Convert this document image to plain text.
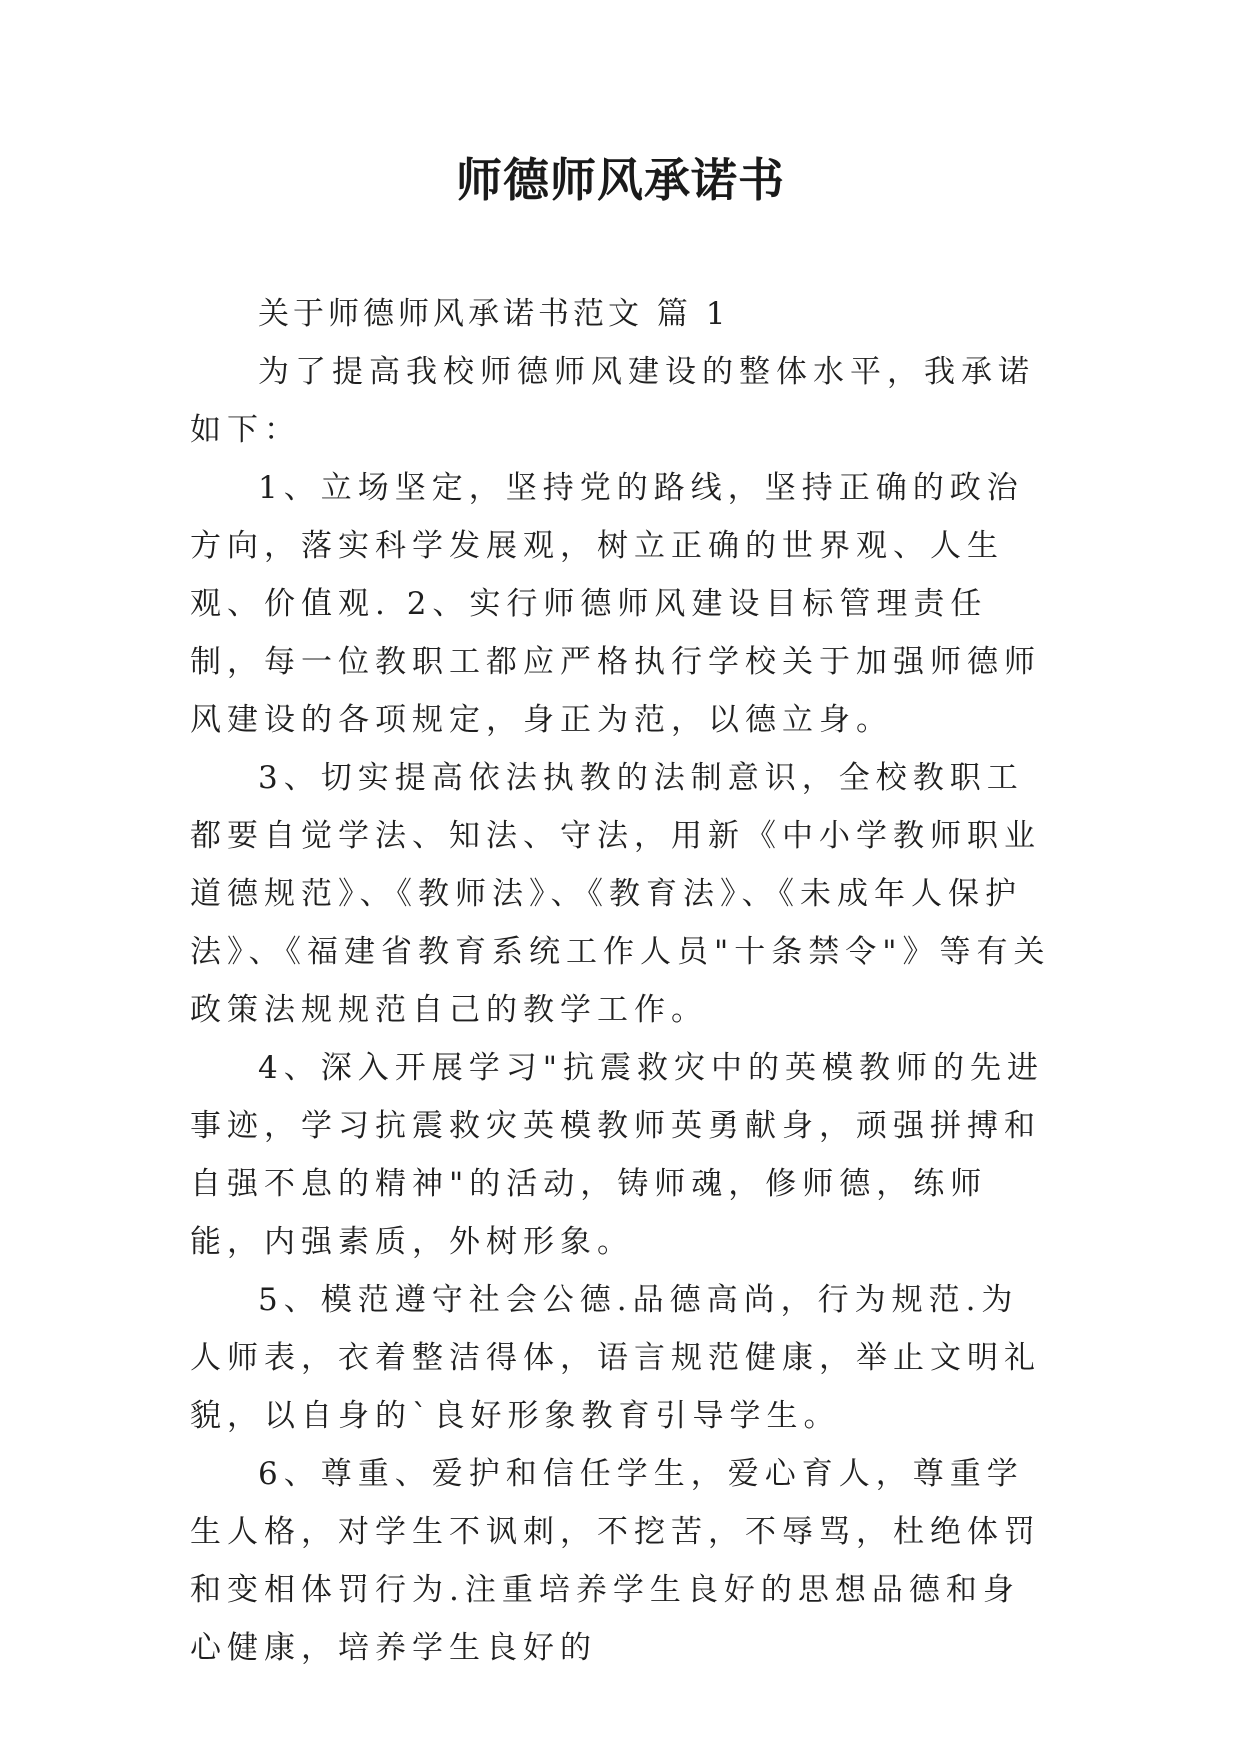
师德师风承诺书

关于师德师风承诺书范文 篇 1

为了提高我校师德师风建设的整体水平，我承诺如下：

1、立场坚定，坚持党的路线，坚持正确的政治方向，落实科学发展观，树立正确的世界观、人生观、价值观. 2、实行师德师风建设目标管理责任制，每一位教职工都应严格执行学校关于加强师德师风建设的各项规定，身正为范，以德立身。

3、切实提高依法执教的法制意识，全校教职工都要自觉学法、知法、守法，用新《中小学教师职业道德规范》、《教师法》、《教育法》、《未成年人保护法》、《福建省教育系统工作人员"十条禁令"》等有关政策法规规范自己的教学工作。

4、深入开展学习"抗震救灾中的英模教师的先进事迹，学习抗震救灾英模教师英勇献身，顽强拼搏和自强不息的精神"的活动，铸师魂，修师德，练师能，内强素质，外树形象。

5、模范遵守社会公德.品德高尚，行为规范.为人师表，衣着整洁得体，语言规范健康，举止文明礼貌，以自身的`良好形象教育引导学生。

6、尊重、爱护和信任学生，爱心育人，尊重学生人格，对学生不讽刺，不挖苦，不辱骂，杜绝体罚和变相体罚行为.注重培养学生良好的思想品德和身心健康，培养学生良好的
